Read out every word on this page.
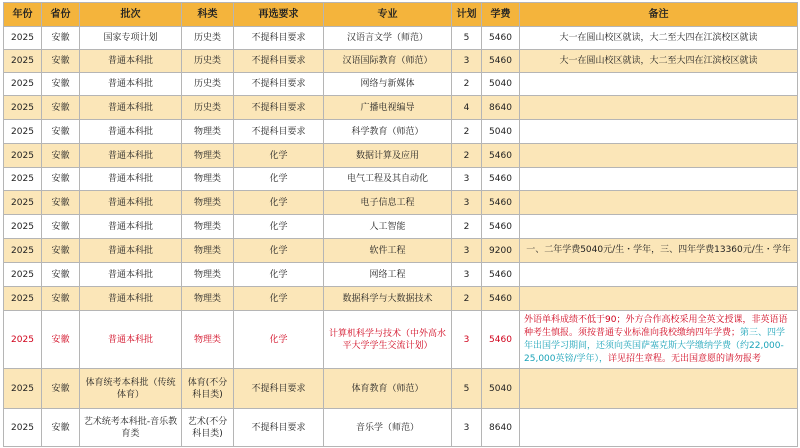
年份	省份	批次	科类	再选要求	专业	计划	学费	备注
2025	安徽	国家专项计划	历史类	不提科目要求	汉语言文学（师范）	5	5460	大一在圆山校区就读，大二至大四在江滨校区就读
2025	安徽	普通本科批	历史类	不提科目要求	汉语国际教育（师范）	3	5460	大一在圆山校区就读，大二至大四在江滨校区就读
2025	安徽	普通本科批	历史类	不提科目要求	网络与新媒体	2	5040	
2025	安徽	普通本科批	历史类	不提科目要求	广播电视编导	4	8640	
2025	安徽	普通本科批	物理类	不提科目要求	科学教育（师范）	2	5040	
2025	安徽	普通本科批	物理类	化学	数据计算及应用	2	5460	
2025	安徽	普通本科批	物理类	化学	电气工程及其自动化	3	5460	
2025	安徽	普通本科批	物理类	化学	电子信息工程	3	5460	
2025	安徽	普通本科批	物理类	化学	人工智能	2	5460	
2025	安徽	普通本科批	物理类	化学	软件工程	3	9200	一、二年学费5040元/生・学年，三、四年学费13360元/生・学年
2025	安徽	普通本科批	物理类	化学	网络工程	3	5460	
2025	安徽	普通本科批	物理类	化学	数据科学与大数据技术	2	5460	
2025	安徽	普通本科批	物理类	化学	计算机科学与技术（中外高水平大学学生交流计划）	3	5460	外语单科成绩不低于90；外方合作高校采用全英文授课，非英语语种考生慎报。须按普通专业标准向我校缴纳四年学费；第三、四学年出国学习期间，还须向英国萨塞克斯大学缴纳学费（约22,000-25,000英镑/学年），详见招生章程。无出国意愿的请勿报考
2025	安徽	体育统考本科批（传统体育）	体育(不分科目类)	不提科目要求	体育教育（师范）	5	5040	
2025	安徽	艺术统考本科批-音乐教育类	艺术(不分科目类)	不提科目要求	音乐学（师范）	3	8640	
